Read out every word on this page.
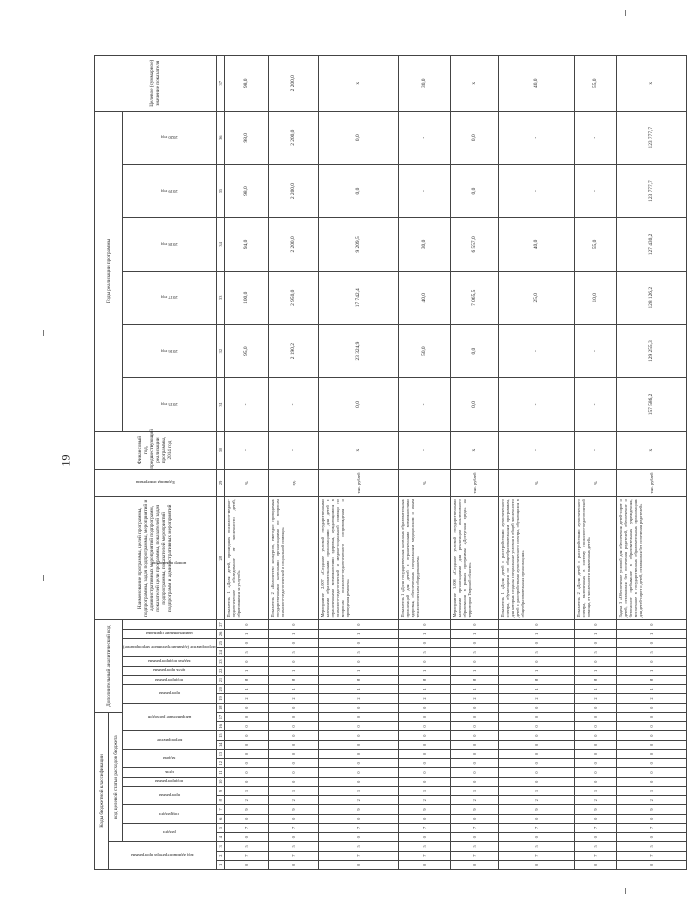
19
Коды бюджетной классификации																	Дополнительный аналитический код										Наименование программы, целей программы, подпрограммы, задач подпрограммы, мероприятий и административных мероприятий подпрограмм, показателей цели программы, показателей задач подпрограммы, показателей мероприятий подпрограмм и административных мероприятий	Единица измерения	Финансовый год, предшествующий реализации программы, 2014 год	Годы реализации программы						Целевое (суммарное) значение показателя

код администратора программы			код целевой статьи расходов бюджета																																	

			раздел		подраздел		программа		подпрограмма	цель	задача		мероприятие		направление расходов			программа		подпрограмма	цель программы	задача подпрограммы	мероприятие (административное мероприятие)		наименование признака	номер показателя				2015 год	2016 год	2017 год	2018 год	2019 год	2020 год	

1	2	3	4	5	6	7	8	9	10	11	12	13	14	15	16	17	18	19	20	21	22	23	24	25	26	27	28	29	30	31	32	33	34	35	36	37
0	7	5	0	7	0	9	2	1	0	0	0	0	0	0	0	0	0	2	1	8	1	0	5	0	1	0	Показатель 1 «Доля детей, прошедших психолого-медико-педагогическое обследование от численности детей, обратившихся за услугой»	%	-	-	95,0	100,0	94,0	98,0	98,0	98,0
0	7	5	0	7	0	9	2	1	0	0	0	0	0	0	0	0	0	2	1	8	1	0	5	0	1	0	Показатель 2 «Количество конкурсов, ежегодно проводимых государственными казенными организациями по вопросам психолого-педагогической и социальной помощи»	ед.	-	-	2 190,2	2 950,0	2 200,0	2 200,0	2 200,0	2 200,0
0	7	5	0	7	0	9	2	1	0	0	0	0	0	0	0	0	0	2	1	8	1	0	5	0	1	0	Мероприятие 2.007 «Создание условий государственными казенными образовательными организациями для детей с ограниченными возможностями здоровья, нуждающимися в психолого-педагогической и медико-социальной помощи по вопросам психолого-педагогического сопровождения и проведения ремонта»	тыс. рублей	х	0,0	23 324,9	17 742,4	9 209,5	0,0	0,0	х
0	7	5	0	7	0	9	2	1	0	0	0	0	0	0	0	0	0	2	1	8	1	0	5	0	1	0	Показатель 1 «Доля государственных казенных образовательных организаций для детей с ограниченными возможностями здоровья, обеспеченных специальным медицинским и иным технологическим оборудованием»	%	-	-	50,0	40,0	30,0	-	-	30,0
0	7	5	0	7	0	9	2	1	0	0	0	0	0	0	0	0	0	2	1	8	1	0	5	0	1	0	Мероприятие 3.008 «Создание условий государственными казенными организациями для реализации инклюзивного образования в рамках программы «Доступная среда» на территории Тверской области»	тыс. рублей	х	0,0	0,0	7 065,5	6 557,0	0,0	0,0	х
0	7	5	0	7	0	9	2	1	0	0	0	0	0	0	0	0	0	2	1	8	1	0	5	0	1	0	Показатель 1 «Доля детей с расстройствами аутистического спектра, обучающихся по общеобразовательным программам, для которых созданы специальные условия в общей численности детей с расстройствами аутистического спектра, обучающихся в общеобразовательных организациях»	%	-	-	-	25,0	40,0	-	-	40,0
0	7	5	0	7	0	9	2	1	0	0	0	0	0	0	0	0	0	2	1	8	1	0	5	0	1	0	Показатель 2 «Доля детей с расстройствами аутистического спектра, включенных в систему психолого-педагогической помощи, от численности выявленных детей»	%	-	-	-	10,0	55,0	-	-	55,0
0	7	5	0	7	0	9	2	1	0	0	0	0	0	0	0	0	0	2	1	8	1	0	5	0	1	0	Задача 3 «Обеспечение условий для обеспечения детей-сирот и детей, оставшихся без попечения родителей, обеспечение и безопасное пребывание в образовательных учреждениях, воспитание в государственных образовательных организациях для детей-сирот и детей, оставшихся без попечения родителей»	тыс. рублей	х	157 586,2	129 255,3	128 126,2	127 430,2	123 777,7	123 777,7	х
